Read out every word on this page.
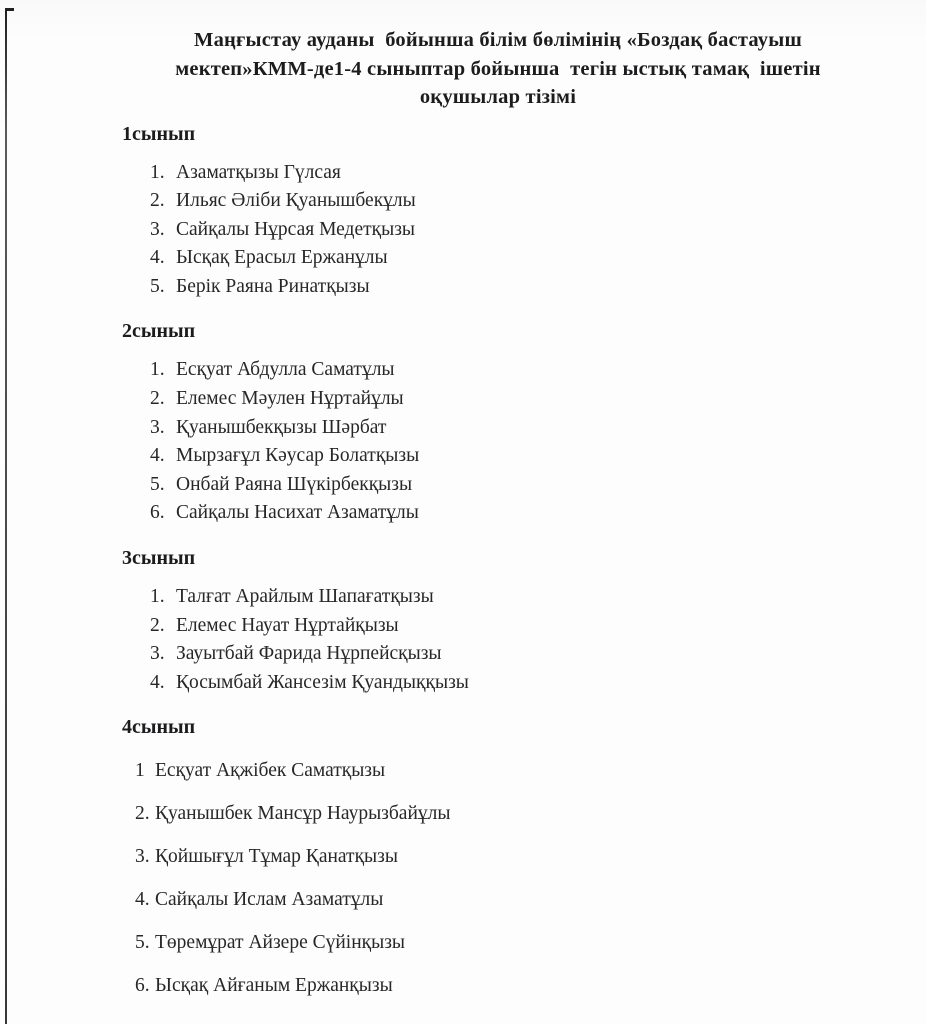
Маңғыстау ауданы  бойынша білім бөлімінің «Боздақ бастауыш
мектеп»КММ-де1-4 сыныптар бойынша  тегін ыстық тамақ  ішетін
оқушылар тізімі
1сынып
1. Азаматқызы Гүлсая
2. Ильяс Әліби Қуанышбекұлы
3. Сайқалы Нұрсая Медетқызы
4. Ысқақ Ерасыл Ержанұлы
5. Берік Раяна Ринатқызы
2сынып
1. Есқуат Абдулла Саматұлы
2. Елемес Мәулен Нұртайұлы
3. Қуанышбекқызы Шәрбат
4. Мырзағұл Кәусар Болатқызы
5. Онбай Раяна Шүкірбекқызы
6. Сайқалы Насихат Азаматұлы
3сынып
1. Талғат Арайлым Шапағатқызы
2. Елемес Науат Нұртайқызы
3. Зауытбай Фарида Нұрпейсқызы
4. Қосымбай Жансезім Қуандыққызы
4сынып
1 Есқуат Ақжібек Саматқызы
2. Қуанышбек Мансұр Наурызбайұлы
3. Қойшығұл Тұмар Қанатқызы
4. Сайқалы Ислам Азаматұлы
5. Төремұрат Айзере Сүйінқызы
6. Ысқақ Айғаным Ержанқызы
